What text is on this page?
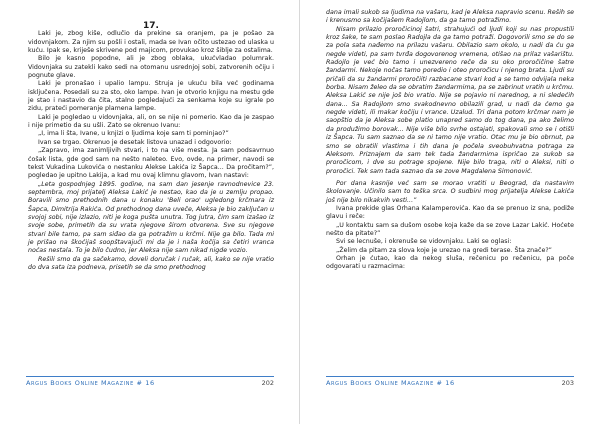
17.

Laki je, zbog kiše, odlučio da prekine sa oranjem, pa je pošao za vidovnjakom. Za njim su pošli i ostali, mada se Ivan očito ustezao od ulaska u kuću. Ipak se, kriješe skrivene pod majicom, provukao kroz šiblje za ostalima.

Bilo je kasno popodne, ali je zbog oblaka, ukućvladao polumrak. Vidovnjaka su zatekli kako sedi na otomanu usrednjoj sobi, zatvorenih očiju i pognute glave.

Laki je pronašao i upalio lampu. Struja je ukuću bila već godinama isključena. Posedali su za sto, oko lampe. Ivan je otvorio knjigu na mestu gde je stao i nastavio da čita, stalno pogledajući za senkama koje su igrale po zidu, prateći pomeranje plamena lampe.

Laki je pogledao u vidovnjaka, ali, on se nije ni pomerio. Kao da je zaspao i nije primetio da su ušli. Zato se okrenuo Ivanu:

„I, ima li šta, Ivane, u knjizi o ljudima koje sam ti pominjao?”

Ivan se trgao. Okrenuo je desetak listova unazad i odgovorio:

„Zapravo, ima zanimljivih stvari, i to na više mesta. Ja sam podsavrnuo ćošak lista, gde god sam na nešto naleteo. Evo, ovde, na primer, navodi se tekst Vukadina Lukovića o nestanku Alekse Lakića iz Šapca... Da pročitam?”, pogledao je upitno Lakija, a kad mu ovaj klimnu glavom, Ivan nastavi:

„Leta gospodnjeg 1895. godine, na sam dan jesenje ravnodnevice 23. septembra, moj prijatelj Aleksa Lakić je nestao, kao da je u zemlju propao. Boravili smo prethodnih dana u konaku 'Beli orao' ugledong krčmara iz Šapca, Dimitrija Rakića. Od prethodnog dana uveče, Aleksa je bio zaključan u svojoj sobi, nije izlazio, niti je koga pušta unutra. Tog jutra, čim sam izašao iz svoje sobe, primetih da su vrata njegove širom otvorena. Sve su njegove stvari bile tamo, pa sam siđao da ga potražim u krčmi. Nije ga bilo. Tada mi je prišao na škoćijaš soopštavajući mi da je i naša kočija sa četiri vranca noćas nestala. To je bilo čudno, jer Aleksa nije sam nikad nigde vozio.

Rešili smo da ga sačekamo, doveli doručak i ručak, ali, kako se nije vratio do dva sata iza podneva, prisetih se da smo prethodnog

Argus Books Online Magazine # 16	202

dana imali sukob sa ljudima na vašaru, kad je Aleksa napravio scenu. Reših se i krenusmo sa kočijašem Radojlom, da ga tamo potražimo.

Nisam prilazio proročicinoj šatri, strahujući od ljudi koji su nas propustili kroz šake, te sam poslao Radojla da ga tamo potraži. Dogovorili smo se do se za pola sata nađemo na prilazu vašaru. Obilazio sam okolo, u nadi da ću ga negde videti, pa sam tvrđa dogovorenog vremena, otišao na prilaz vašarištu. Radojlo je već bio tamo i unezvereno reče da su oko proročičine šatre žandarmi. Nekoje nočas tamo poredio i oteo proročicu i njenog brata. Ljudi su pričali da su žandarmi proročiiti razbacane stvari kod a se tamo odvijala neka borba. Nisam želeo da se obratim žandarmima, pa se zabrinut vratih u krčmu. Aleksa Lakić se nije još bio vratio. Nije se pojavio ni narednog, a ni sledećih dana... Sa Radojlom smo svakodnevno obilazili grad, u nadi da ćemo ga negde videti, ili makar kočiju i vrance. Uzalud. Tri dana potom krčmar nam je saopštio da je Aleksa sobe platio unapred samo do tog dana, pa ako želimo da produžimo borovak... Nije više bilo svrhe ostajati, spakovali smo se i otišli iz Šapca. Tu sam saznao da se ni tamo nije vratio. Otac mu je bio obrnut, pa smo se obratili vlastima i tih dana je počela sveobuhvatna potraga za Aleksom. Priznajem da sam tek tada žandarmima ispričao za sukob sa proročicom, i dve su potrage spojene. Nije bilo traga, niti o Aleksi, niti o proročici. Tek sam tada saznao da se zove Magdalena Simonović.

Por dana kasnije već sam se morao vratiti u Beograd, da nastavim školovanje. Učinilo sam to teška srca. O sudbini mog prijatelja Alekse Lakića još nije bilo nikakvih vesti...”

Ivana prekide glas Orhana Kalamperovića. Kao da se prenuo iz sna, podiže glavu i reče:

„U kontaktu sam sa dušom osobe koja kaže da se zove Lazar Lakić. Hoćete nešto da pitate?”

Svi se lecnuše, i okrenuše se vidovnjaku. Laki se oglasi:

„Želim da pitam za slova koje je urezao na gredi terase. Šta znače?”

Orhan je ćutao, kao da nekog sluša, rečenicu po rečenicu, pa poče odgovarati u razmacima:

Argus Books Online Magazine # 16	203
